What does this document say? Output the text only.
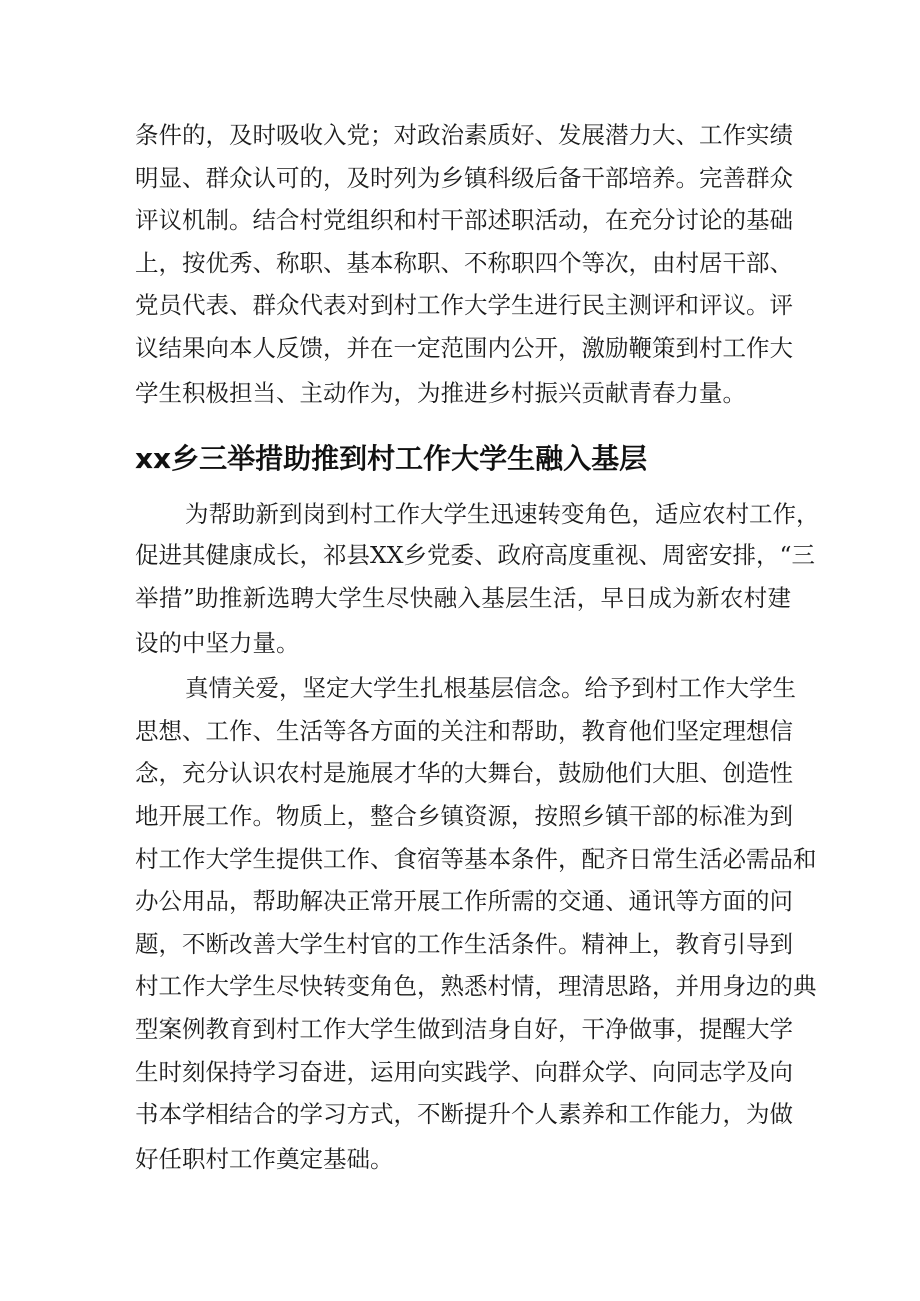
条件的，及时吸收入党；对政治素质好、发展潜力大、工作实绩
明显、群众认可的，及时列为乡镇科级后备干部培养。完善群众
评议机制。结合村党组织和村干部述职活动，在充分讨论的基础
上，按优秀、称职、基本称职、不称职四个等次，由村居干部、
党员代表、群众代表对到村工作大学生进行民主测评和评议。评
议结果向本人反馈，并在一定范围内公开，激励鞭策到村工作大
学生积极担当、主动作为，为推进乡村振兴贡献青春力量。
xx乡三举措助推到村工作大学生融入基层
为帮助新到岗到村工作大学生迅速转变角色，适应农村工作，
促进其健康成长，祁县XX乡党委、政府高度重视、周密安排，“三
举措”助推新选聘大学生尽快融入基层生活，早日成为新农村建
设的中坚力量。
真情关爱，坚定大学生扎根基层信念。给予到村工作大学生
思想、工作、生活等各方面的关注和帮助，教育他们坚定理想信
念，充分认识农村是施展才华的大舞台，鼓励他们大胆、创造性
地开展工作。物质上，整合乡镇资源，按照乡镇干部的标准为到
村工作大学生提供工作、食宿等基本条件，配齐日常生活必需品和
办公用品，帮助解决正常开展工作所需的交通、通讯等方面的问
题，不断改善大学生村官的工作生活条件。精神上，教育引导到
村工作大学生尽快转变角色，熟悉村情，理清思路，并用身边的典
型案例教育到村工作大学生做到洁身自好，干净做事，提醒大学
生时刻保持学习奋进，运用向实践学、向群众学、向同志学及向
书本学相结合的学习方式，不断提升个人素养和工作能力，为做
好任职村工作奠定基础。
